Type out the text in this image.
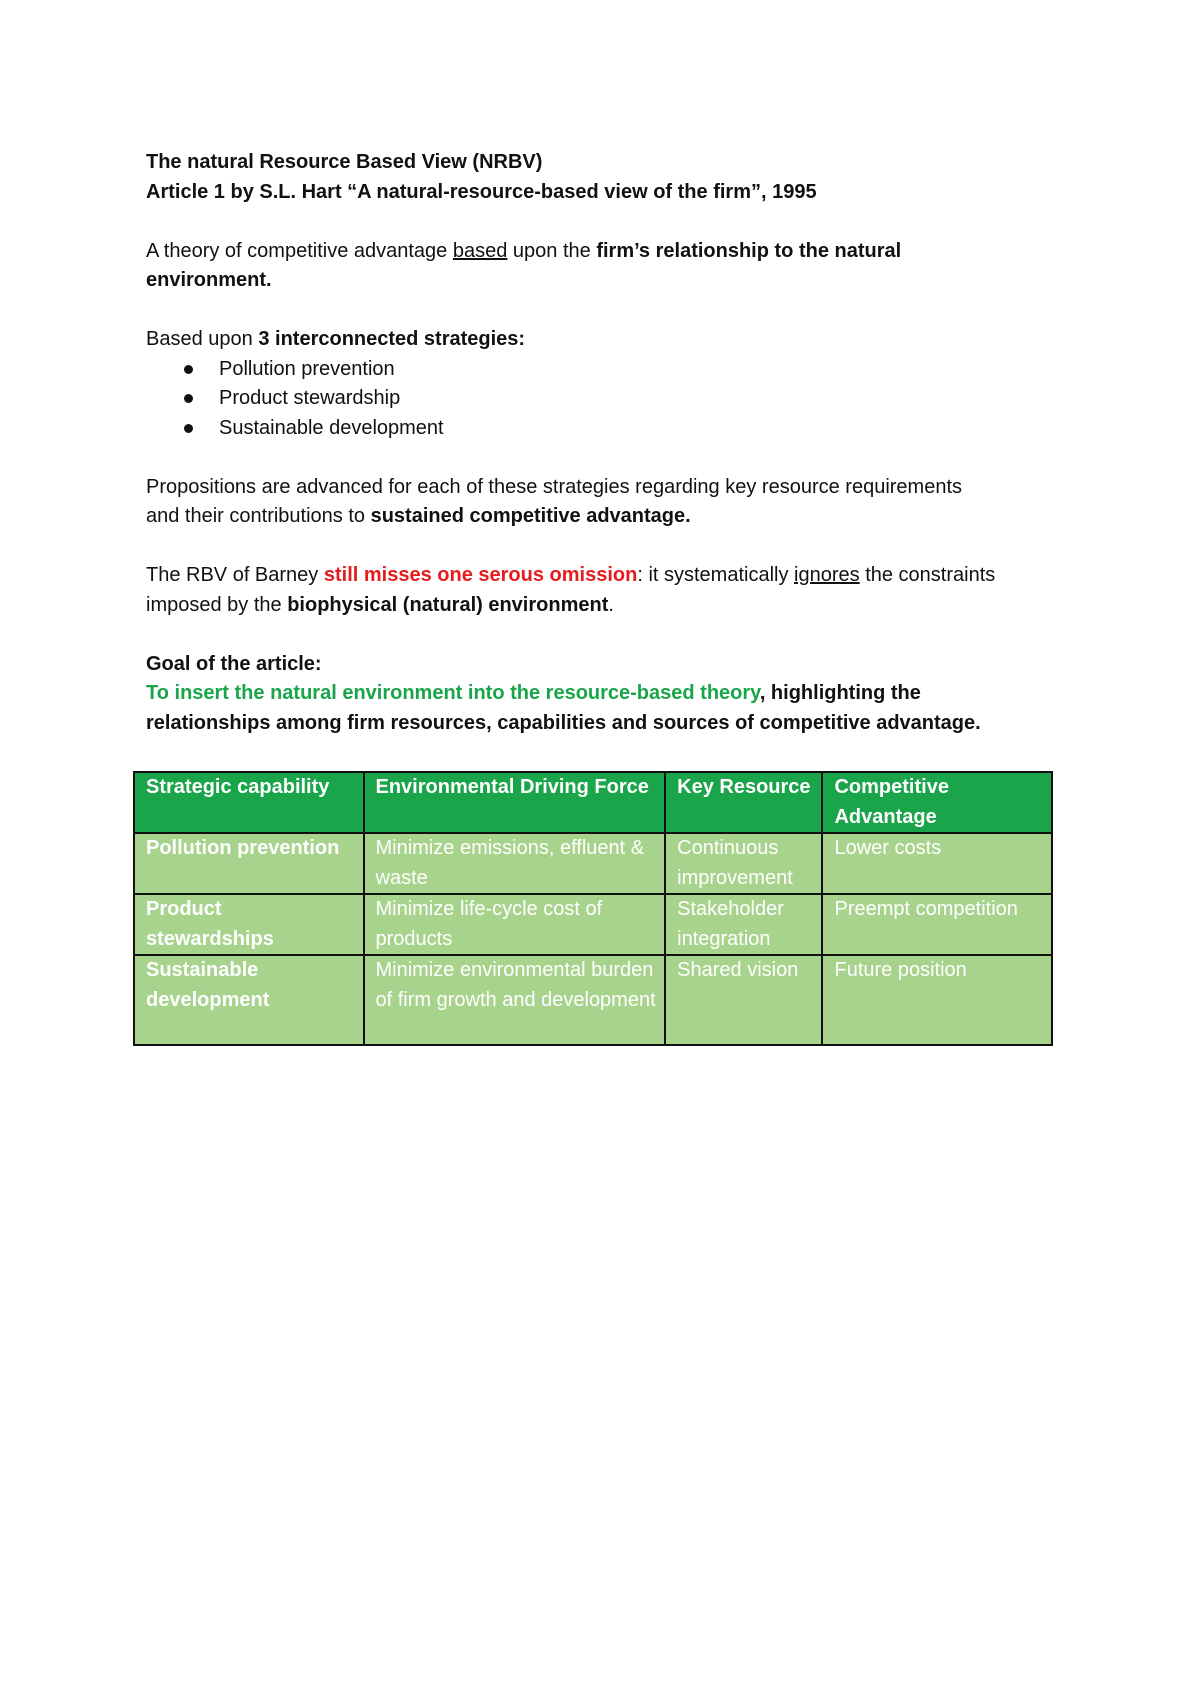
The natural Resource Based View (NRBV)
Article 1 by S.L. Hart “A natural-resource-based view of the firm”, 1995
A theory of competitive advantage based upon the firm’s relationship to the natural
environment.
Based upon 3 interconnected strategies:
Pollution prevention
Product stewardship
Sustainable development
Propositions are advanced for each of these strategies regarding key resource requirements
and their contributions to sustained competitive advantage.
The RBV of Barney still misses one serous omission: it systematically ignores the constraints
imposed by the biophysical (natural) environment.
Goal of the article:
To insert the natural environment into the resource-based theory, highlighting the
relationships among firm resources, capabilities and sources of competitive advantage.
Strategic capability	Environmental Driving Force	Key Resource	Competitive Advantage
Pollution prevention	Minimize emissions, effluent & waste	Continuous improvement	Lower costs
Product stewardships	Minimize life-cycle cost of products	Stakeholder integration	Preempt competition
Sustainable development	Minimize environmental burden of firm growth and development	Shared vision	Future position
